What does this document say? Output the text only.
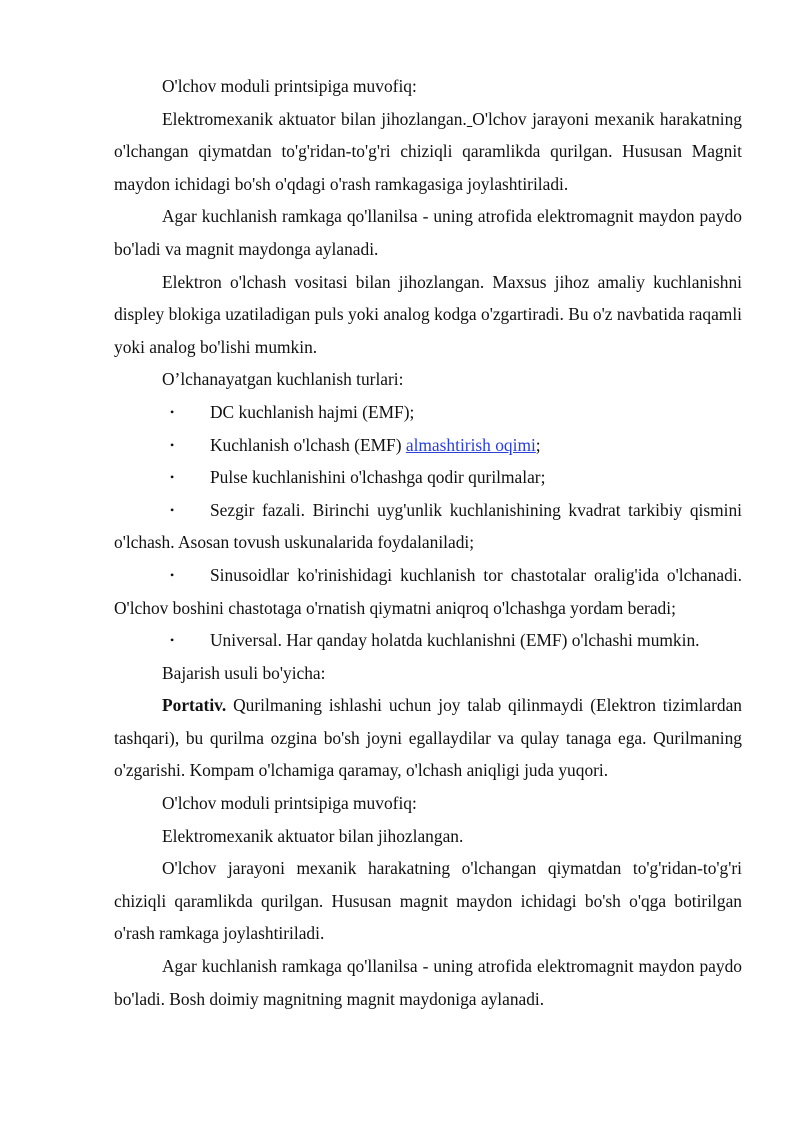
O'lchov moduli printsipiga muvofiq:

Elektromexanik aktuator bilan jihozlangan. O'lchov jarayoni mexanik harakatning o'lchangan qiymatdan to'g'ridan-to'g'ri chiziqli qaramlikda qurilgan. Hususan Magnit maydon ichidagi bo'sh o'qdagi o'rash ramkagasiga joylashtiriladi.

Agar kuchlanish ramkaga qo'llanilsa - uning atrofida elektromagnit maydon paydo bo'ladi va magnit maydonga aylanadi.

Elektron o'lchash vositasi bilan jihozlangan. Maxsus jihoz amaliy kuchlanishni displey blokiga uzatiladigan puls yoki analog kodga o'zgartiradi. Bu o'z navbatida raqamli yoki analog bo'lishi mumkin.

O’lchanayatgan kuchlanish turlari:

• DC kuchlanish hajmi (EMF);

• Kuchlanish o'lchash (EMF) almashtirish oqimi;

• Pulse kuchlanishini o'lchashga qodir qurilmalar;

• Sezgir fazali. Birinchi uyg'unlik kuchlanishining kvadrat tarkibiy qismini o'lchash. Asosan tovush uskunalarida foydalaniladi;

• Sinusoidlar ko'rinishidagi kuchlanish tor chastotalar oralig'ida o'lchanadi. O'lchov boshini chastotaga o'rnatish qiymatni aniqroq o'lchashga yordam beradi;

• Universal. Har qanday holatda kuchlanishni (EMF) o'lchashi mumkin.

Bajarish usuli bo'yicha:

Portativ. Qurilmaning ishlashi uchun joy talab qilinmaydi (Elektron tizimlardan tashqari), bu qurilma ozgina bo'sh joyni egallaydilar va qulay tanaga ega. Qurilmaning o'zgarishi. Kompam o'lchamiga qaramay, o'lchash aniqligi juda yuqori.

O'lchov moduli printsipiga muvofiq:

Elektromexanik aktuator bilan jihozlangan.

O'lchov jarayoni mexanik harakatning o'lchangan qiymatdan to'g'ridan-to'g'ri chiziqli qaramlikda qurilgan. Hususan magnit maydon ichidagi bo'sh o'qga botirilgan o'rash ramkaga joylashtiriladi.

Agar kuchlanish ramkaga qo'llanilsa - uning atrofida elektromagnit maydon paydo bo'ladi. Bosh doimiy magnitning magnit maydoniga aylanadi.
